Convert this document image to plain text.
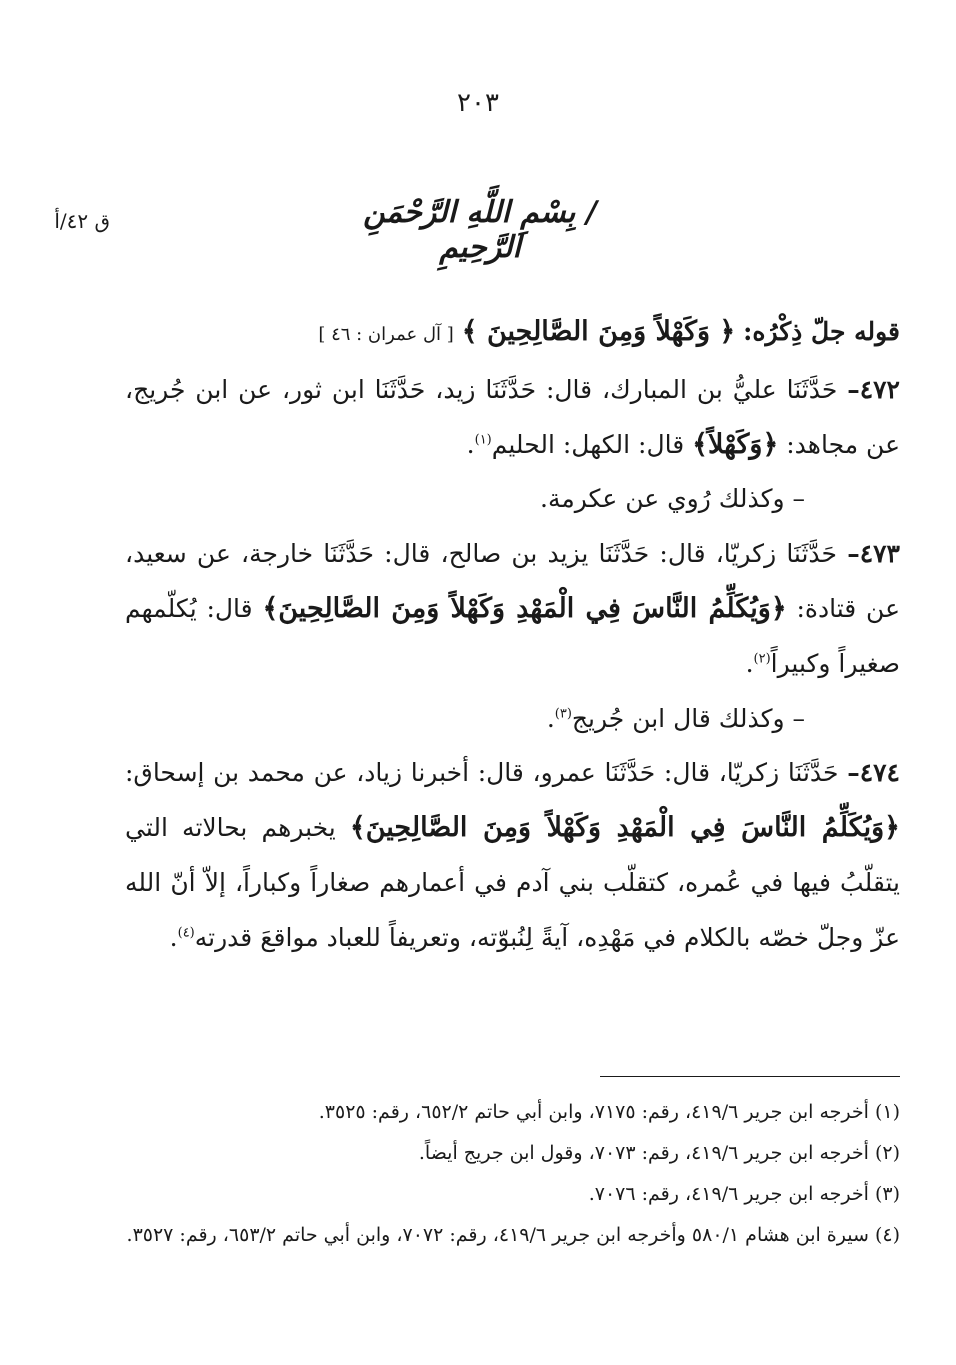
٢٠٣
/ بِسْمِ اللَّهِ الرَّحْمَنِ الرَّحِيمِ
ق ٤٢/أ

قوله جلّ ذِكْرُه: ﴿ وَكَهْلاً وَمِنَ الصَّالِحِينَ ﴾ [ آل عمران : ٤٦ ]

٤٧٢– حَدَّثَنَا عليُّ بن المبارك، قال: حَدَّثَنَا زيد، حَدَّثَنَا ابن ثور، عن ابن جُريج، عن مجاهد: ﴿وَكَهْلاً﴾ قال: الكهل: الحليم$^{(١)}$.

– وكذلك رُوي عن عكرمة.

٤٧٣– حَدَّثَنَا زكريّا، قال: حَدَّثَنَا يزيد بن صالح، قال: حَدَّثَنَا خارجة، عن سعيد، عن قتادة: ﴿وَيُكَلِّمُ النَّاسَ فِي الْمَهْدِ وَكَهْلاً وَمِنَ الصَّالِحِينَ﴾ قال: يُكلّمهم صغيراً وكبيراً$^{(٢)}$.

– وكذلك قال ابن جُريج$^{(٣)}$.

٤٧٤– حَدَّثَنَا زكريّا، قال: حَدَّثَنَا عمرو، قال: أخبرنا زياد، عن محمد بن إسحاق: ﴿وَيُكَلِّمُ النَّاسَ فِي الْمَهْدِ وَكَهْلاً وَمِنَ الصَّالِحِينَ﴾ يخبرهم بحالاته التي يتقلّبُ فيها في عُمره، كتقلّب بني آدم في أعمارهم صغاراً وكباراً، إلاّ أنّ الله عزّ وجلّ خصّه بالكلام في مَهْدِه، آيةً لِنُبوّته، وتعريفاً للعباد مواقعَ قدرته$^{(٤)}$.

(١) أخرجه ابن جرير ٤١٩/٦، رقم: ٧١٧٥، وابن أبي حاتم ٦٥٢/٢، رقم: ٣٥٢٥.

(٢) أخرجه ابن جرير ٤١٩/٦، رقم: ٧٠٧٣، وقول ابن جريج أيضاً.

(٣) أخرجه ابن جرير ٤١٩/٦، رقم: ٧٠٧٦.

(٤) سيرة ابن هشام ٥٨٠/١ وأخرجه ابن جرير ٤١٩/٦، رقم: ٧٠٧٢، وابن أبي حاتم ٦٥٣/٢، رقم: ٣٥٢٧.
